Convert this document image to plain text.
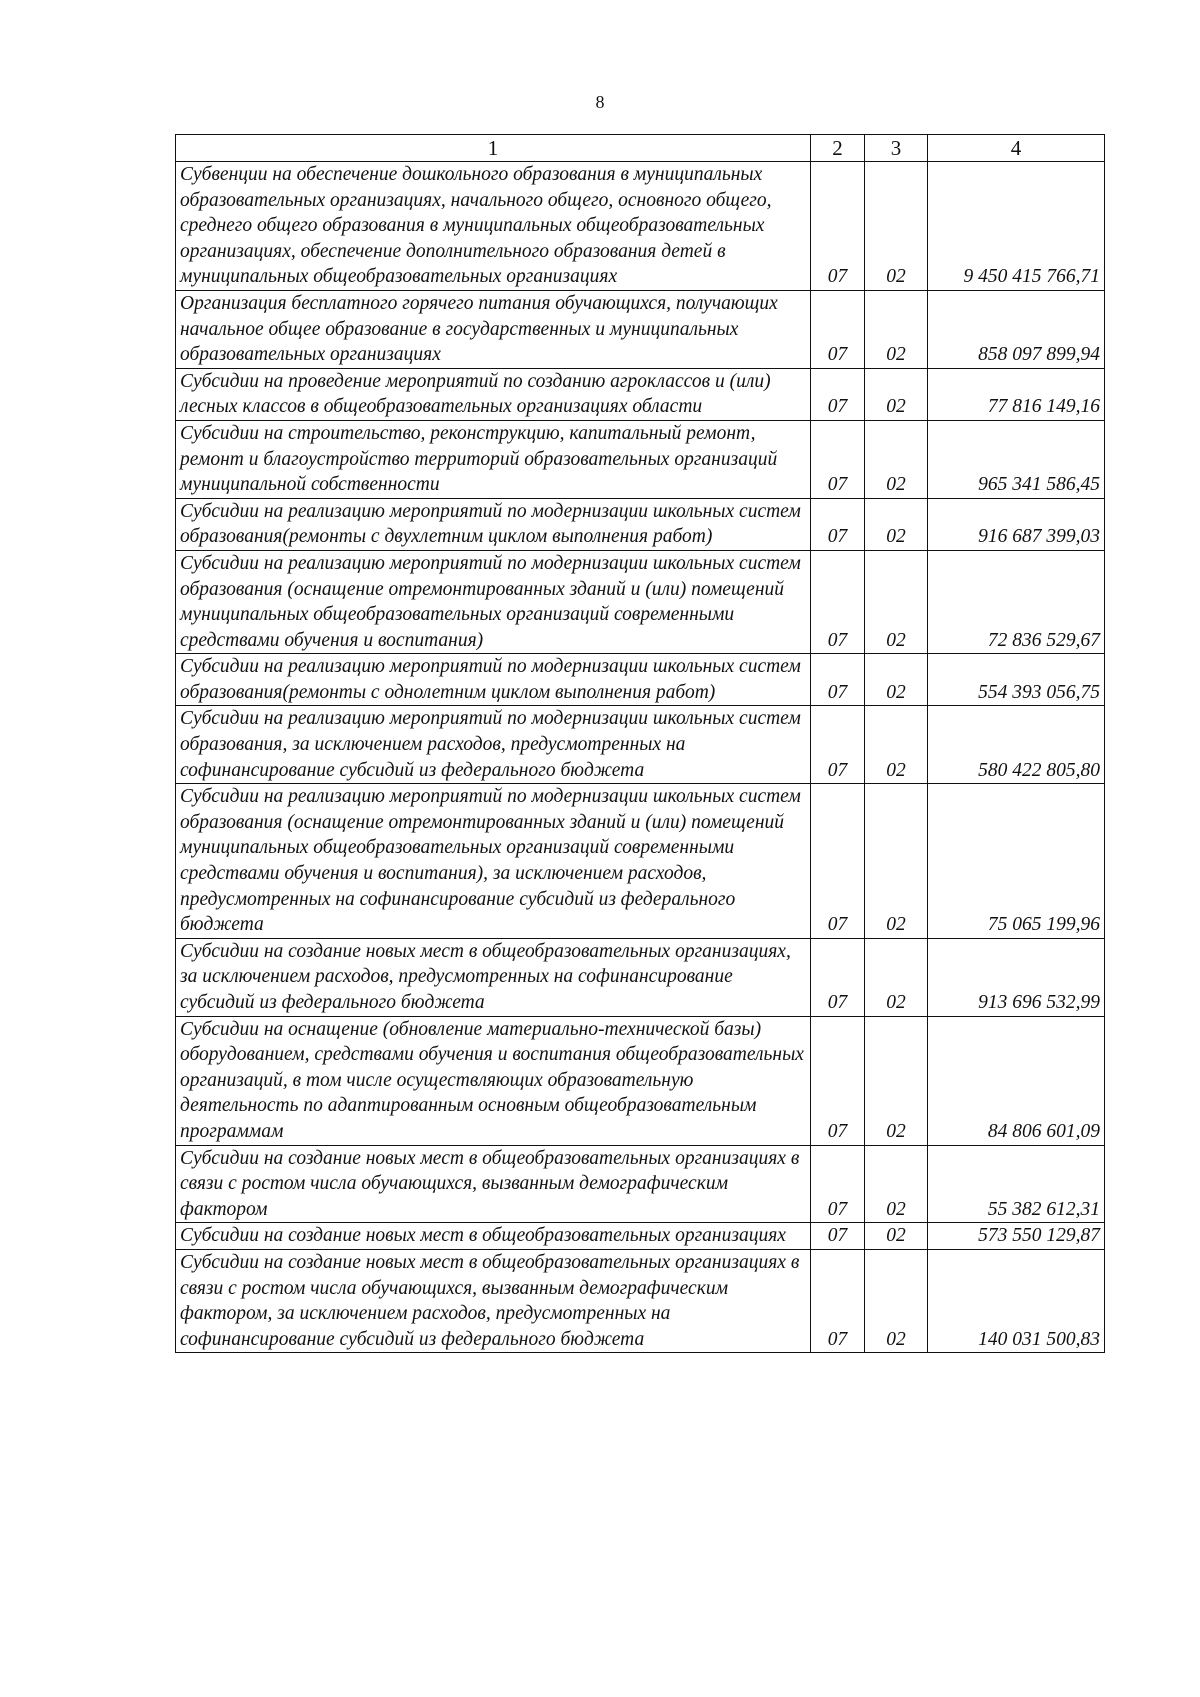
8
1	2	3	4
Субвенции на обеспечение дошкольного образования в муниципальных образовательных организациях, начального общего, основного общего, среднего общего образования в муниципальных общеобразовательных организациях, обеспечение дополнительного образования детей в муниципальных общеобразовательных организациях	07	02	9 450 415 766,71
Организация бесплатного горячего питания обучающихся, получающих начальное общее образование в государственных и муниципальных образовательных организациях	07	02	858 097 899,94
Субсидии на проведение мероприятий по созданию агроклассов и (или) лесных классов в общеобразовательных организациях области	07	02	77 816 149,16
Субсидии на строительство, реконструкцию, капитальный ремонт, ремонт и благоустройство территорий образовательных организаций муниципальной собственности	07	02	965 341 586,45
Субсидии на реализацию мероприятий по модернизации школьных систем образования(ремонты с двухлетним циклом выполнения работ)	07	02	916 687 399,03
Субсидии на реализацию мероприятий по модернизации школьных систем образования (оснащение отремонтированных зданий и (или) помещений муниципальных общеобразовательных организаций современными средствами обучения и воспитания)	07	02	72 836 529,67
Субсидии на реализацию мероприятий по модернизации школьных систем образования(ремонты с однолетним циклом выполнения работ)	07	02	554 393 056,75
Субсидии на реализацию мероприятий по модернизации школьных систем образования, за исключением расходов, предусмотренных на софинансирование субсидий из федерального бюджета	07	02	580 422 805,80
Субсидии на реализацию мероприятий по модернизации школьных систем образования (оснащение отремонтированных зданий и (или) помещений муниципальных общеобразовательных организаций современными средствами обучения и воспитания), за исключением расходов, предусмотренных на софинансирование субсидий из федерального бюджета	07	02	75 065 199,96
Субсидии на создание новых мест в общеобразовательных организациях, за исключением расходов, предусмотренных на софинансирование субсидий из федерального бюджета	07	02	913 696 532,99
Субсидии на оснащение (обновление материально-технической базы) оборудованием, средствами обучения и воспитания общеобразовательных организаций, в том числе осуществляющих образовательную деятельность по адаптированным основным общеобразовательным программам	07	02	84 806 601,09
Субсидии на создание новых мест в общеобразовательных организациях в связи с ростом числа обучающихся, вызванным демографическим фактором	07	02	55 382 612,31
Субсидии на создание новых мест в общеобразовательных организациях	07	02	573 550 129,87
Субсидии на создание новых мест в общеобразовательных организациях в связи с ростом числа обучающихся, вызванным демографическим фактором, за исключением расходов, предусмотренных на софинансирование субсидий из федерального бюджета	07	02	140 031 500,83
